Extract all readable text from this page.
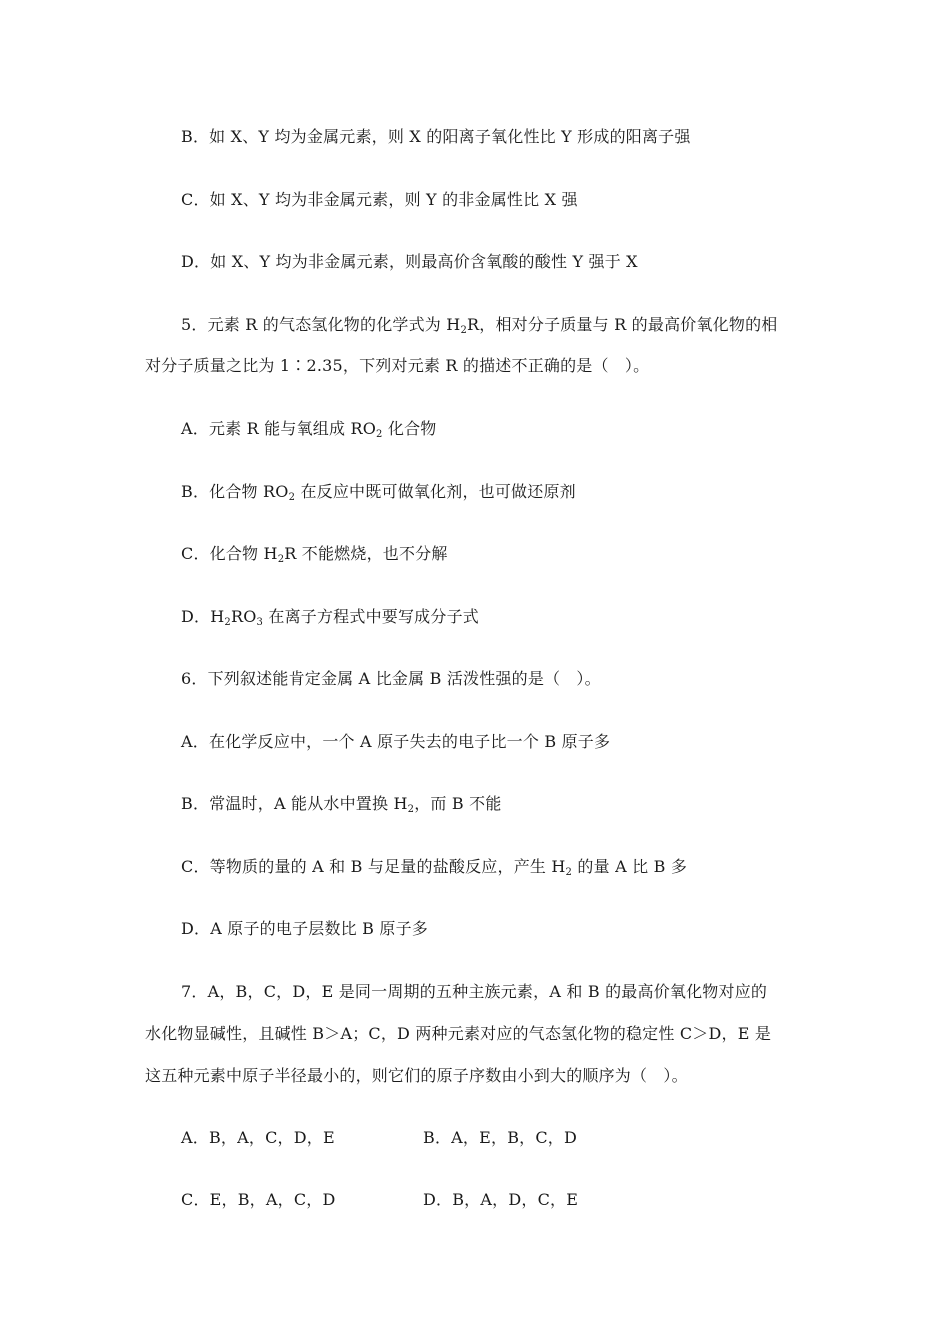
B．如 X、Y 均为金属元素，则 X 的阳离子氧化性比 Y 形成的阳离子强
C．如 X、Y 均为非金属元素，则 Y 的非金属性比 X 强
D．如 X、Y 均为非金属元素，则最高价含氧酸的酸性 Y 强于 X
5．元素 R 的气态氢化物的化学式为 $H_2R$，相对分子质量与 R 的最高价氧化物的相
对分子质量之比为 1∶2.35，下列对元素 R 的描述不正确的是（　）。
A．元素 R 能与氧组成 $RO_2$ 化合物
B．化合物 $RO_2$ 在反应中既可做氧化剂，也可做还原剂
C．化合物 $H_2R$ 不能燃烧，也不分解
D．$H_2RO_3$ 在离子方程式中要写成分子式
6．下列叙述能肯定金属 A 比金属 B 活泼性强的是（　）。
A．在化学反应中，一个 A 原子失去的电子比一个 B 原子多
B．常温时，A 能从水中置换 $H_2$，而 B 不能
C．等物质的量的 A 和 B 与足量的盐酸反应，产生 $H_2$ 的量 A 比 B 多
D．A 原子的电子层数比 B 原子多
7．A，B，C，D，E 是同一周期的五种主族元素，A 和 B 的最高价氧化物对应的
水化物显碱性，且碱性 B＞A；C，D 两种元素对应的气态氢化物的稳定性 C＞D，E 是
这五种元素中原子半径最小的，则它们的原子序数由小到大的顺序为（　）。
A．B，A，C，D，E	B．A，E，B，C，D
C．E，B，A，C，D	D．B，A，D，C，E
